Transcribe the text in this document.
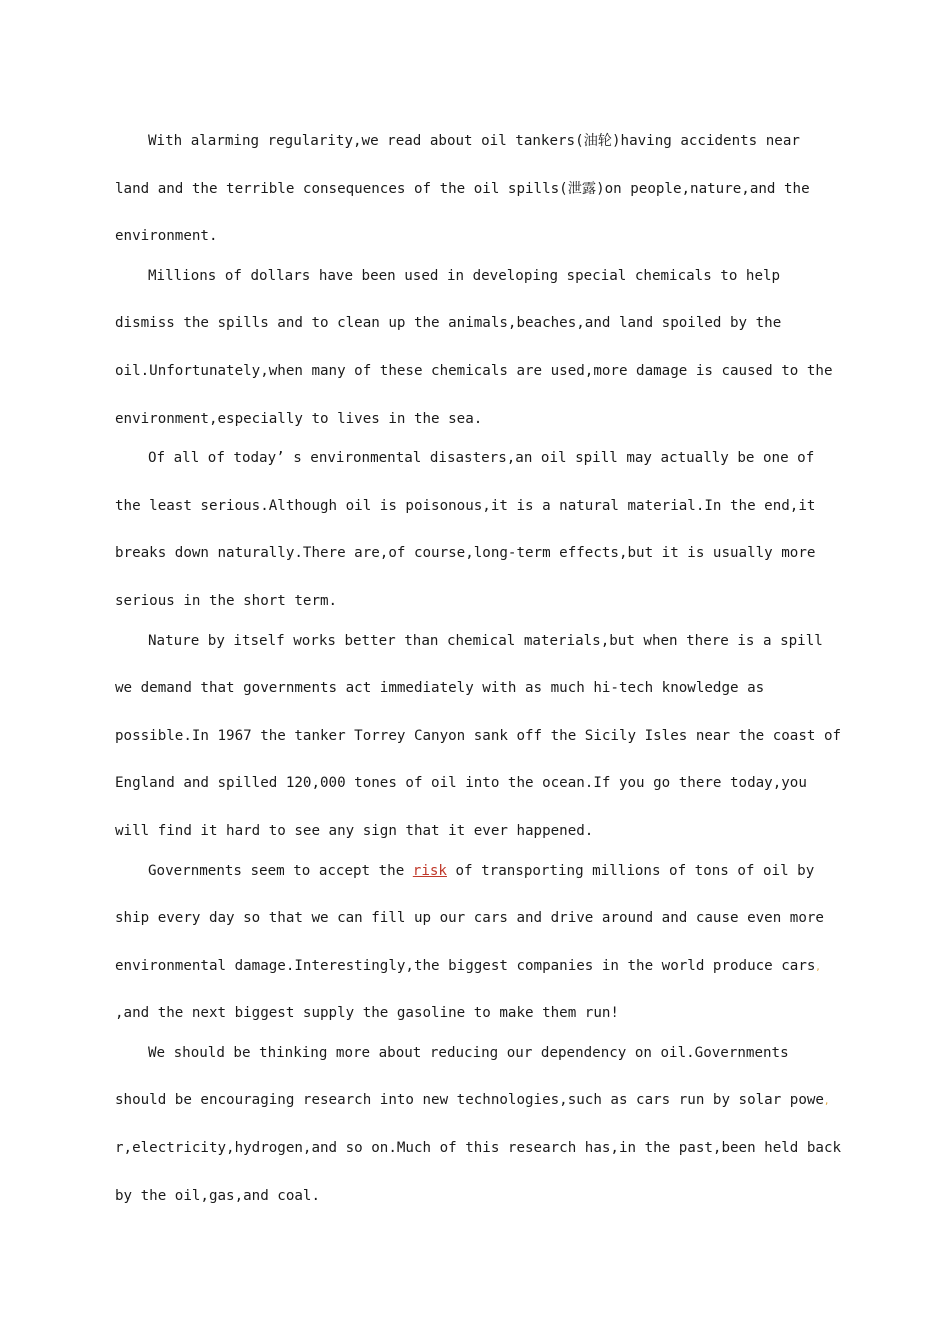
With alarming regularity,we read about oil tankers(油轮)having accidents near
land and the terrible consequences of the oil spills(泄露)on people,nature,and the
environment.
Millions of dollars have been used in developing special chemicals to help
dismiss the spills and to clean up the animals,beaches,and land spoiled by the
oil.Unfortunately,when many of these chemicals are used,more damage is caused to the
environment,especially to lives in the sea.
Of all of today’ s environmental disasters,an oil spill may actually be one of
the least serious.Although oil is poisonous,it is a natural material.In the end,it
breaks down naturally.There are,of course,long-term effects,but it is usually more
serious in the short term.
Nature by itself works better than chemical materials,but when there is a spill
we demand that governments act immediately with as much hi-tech knowledge as
possible.In 1967 the tanker Torrey Canyon sank off the Sicily Isles near the coast of
England and spilled 120,000 tones of oil into the ocean.If you go there today,you
will find it hard to see any sign that it ever happened.
Governments seem to accept the risk of transporting millions of tons of oil by
ship every day so that we can fill up our cars and drive around and cause even more
environmental damage.Interestingly,the biggest companies in the world produce cars,
,and the next biggest supply the gasoline to make them run!
We should be thinking more about reducing our dependency on oil.Governments
should be encouraging research into new technologies,such as cars run by solar powe,
r,electricity,hydrogen,and so on.Much of this research has,in the past,been held back
by the oil,gas,and coal.
